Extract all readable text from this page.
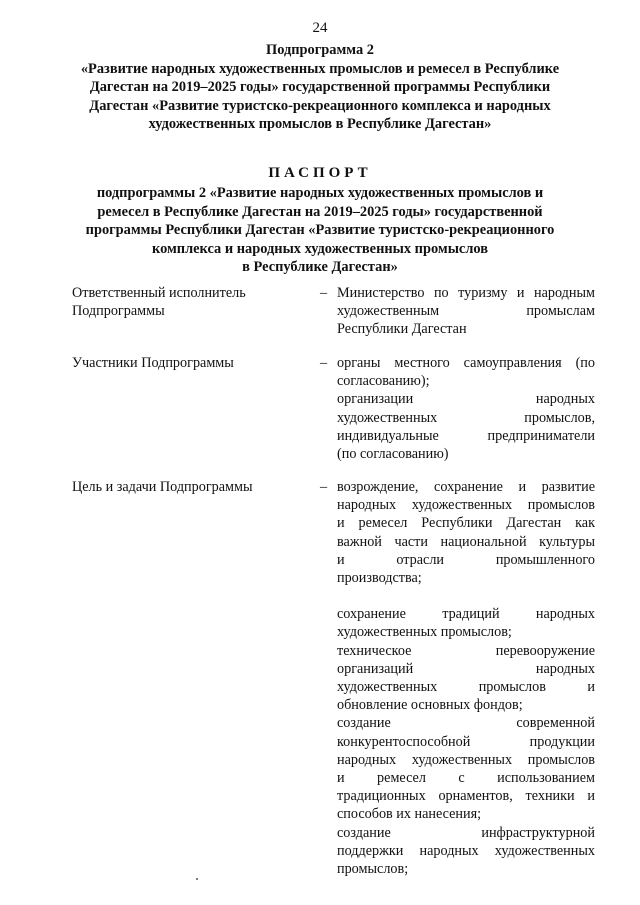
24
Подпрограмма 2
«Развитие народных художественных промыслов и ремесел в Республике
Дагестан на 2019–2025 годы» государственной программы Республики
Дагестан «Развитие туристско-рекреационного комплекса и народных
художественных промыслов в Республике Дагестан»
ПАСПОРТ
подпрограммы 2 «Развитие народных художественных промыслов и
ремесел в Республике Дагестан на 2019–2025 годы» государственной
программы Республики Дагестан «Развитие туристско-рекреационного
комплекса и народных художественных промыслов
в Республике Дагестан»
Ответственный исполнитель
Подпрограммы
– Министерство по туризму и народным
художественным промыслам
Республики Дагестан
Участники Подпрограммы	– органы местного самоуправления (по
согласованию);
организации народных
художественных промыслов,
индивидуальные предприниматели
(по согласованию)
Цель и задачи Подпрограммы	– возрождение, сохранение и развитие
народных художественных промыслов
и ремесел Республики Дагестан как
важной части национальной культуры
и отрасли промышленного
производства;
сохранение традиций народных
художественных промыслов;
техническое перевооружение
организаций народных
художественных промыслов и
обновление основных фондов;
создание современной
конкурентоспособной продукции
народных художественных промыслов
и ремесел с использованием
традиционных орнаментов, техники и
способов их нанесения;
создание инфраструктурной
поддержки народных художественных
промыслов;
